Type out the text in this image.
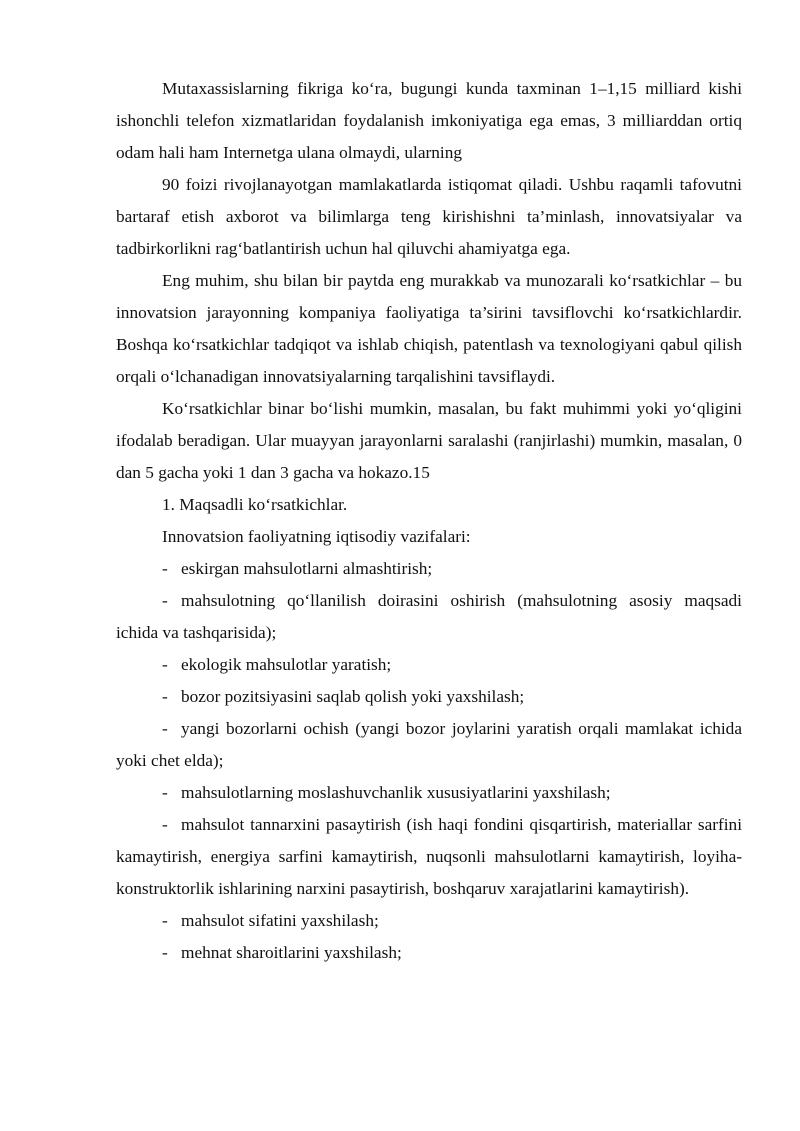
Mutaxassislarning fikriga ko‘ra, bugungi kunda taxminan 1–1,15 milliard kishi ishonchli telefon xizmatlaridan foydalanish imkoniyatiga ega emas, 3 milliarddan ortiq odam hali ham Internetga ulana olmaydi, ularning

90 foizi rivojlanayotgan mamlakatlarda istiqomat qiladi. Ushbu raqamli tafovutni bartaraf etish axborot va bilimlarga teng kirishishni ta’minlash, innovatsiyalar va tadbirkorlikni rag‘batlantirish uchun hal qiluvchi ahamiyatga ega.

Eng muhim, shu bilan bir paytda eng murakkab va munozarali ko‘rsatkichlar – bu innovatsion jarayonning kompaniya faoliyatiga ta’sirini tavsiflovchi ko‘rsatkichlardir. Boshqa ko‘rsatkichlar tadqiqot va ishlab chiqish, patentlash va texnologiyani qabul qilish orqali o‘lchanadigan innovatsiyalarning tarqalishini tavsiflaydi.

Ko‘rsatkichlar binar bo‘lishi mumkin, masalan, bu fakt muhimmi yoki yo‘qligini ifodalab beradigan. Ular muayyan jarayonlarni saralashi (ranjirlashi) mumkin, masalan, 0 dan 5 gacha yoki 1 dan 3 gacha va hokazo.15

1. Maqsadli ko‘rsatkichlar.

Innovatsion faoliyatning iqtisodiy vazifalari:

- eskirgan mahsulotlarni almashtirish;

- mahsulotning qo‘llanilish doirasini oshirish (mahsulotning asosiy maqsadi ichida va tashqarisida);

- ekologik mahsulotlar yaratish;

- bozor pozitsiyasini saqlab qolish yoki yaxshilash;

- yangi bozorlarni ochish (yangi bozor joylarini yaratish orqali mamlakat ichida yoki chet elda);

- mahsulotlarning moslashuvchanlik xususiyatlarini yaxshilash;

- mahsulot tannarxini pasaytirish (ish haqi fondini qisqartirish, materiallar sarfini kamaytirish, energiya sarfini kamaytirish, nuqsonli mahsulotlarni kamaytirish, loyiha-konstruktorlik ishlarining narxini pasaytirish, boshqaruv xarajatlarini kamaytirish).

- mahsulot sifatini yaxshilash;

- mehnat sharoitlarini yaxshilash;
